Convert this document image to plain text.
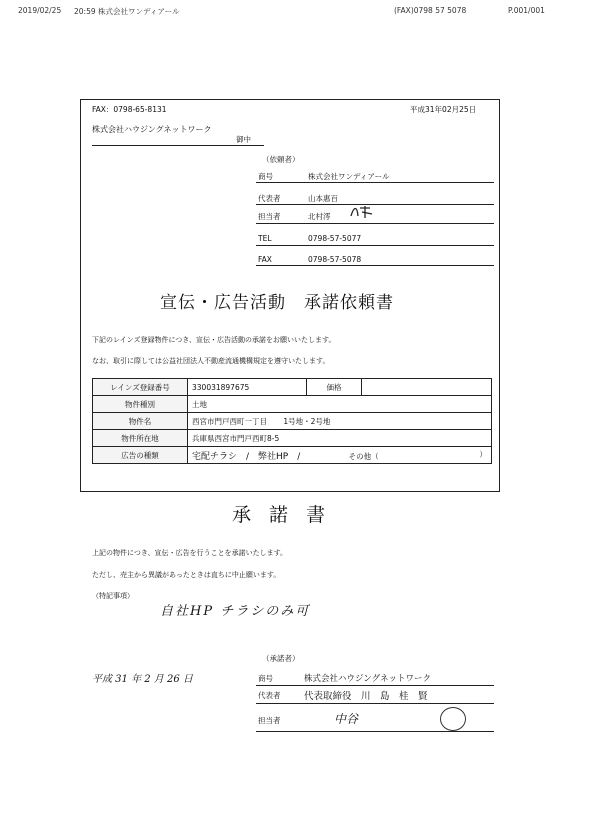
2019/02/25 20:59 株式会社ワンディアール	(FAX)0798 57 5078	P.001/001
FAX：0798-65-8131	平成31年02月25日
株式会社ハウジングネットワーク
御中
（依頼者）
商号	株式会社ワンディアール
代表者	山本惠百
担当者	北村澪
TEL	0798-57-5077
FAX	0798-57-5078
宣伝・広告活動　承諾依頼書
下記のレインズ登録物件につき、宣伝・広告活動の承諾をお願いいたします。
なお、取引に際しては公益社団法人不動産流通機構規定を遵守いたします。
レインズ登録番号	330031897675	価格	
物件種別	土地		
物件名	西宮市門戸西町一丁目 1号地・2号地		
物件所在地	兵庫県西宮市門戸西町8-5		
広告の種類	宅配チラシ　/　弊社HP　/ その他（ ）		
承諾書
上記の物件につき、宣伝・広告を行うことを承諾いたします。
ただし、売主から異議があったときは直ちに中止願います。
（特記事項）
自社HP チラシのみ可
平成 31 年 2 月 26 日
（承諾者）
商号	株式会社ハウジングネットワーク
代表者 代表取締役　川　島　桂　賢
担当者	中谷
